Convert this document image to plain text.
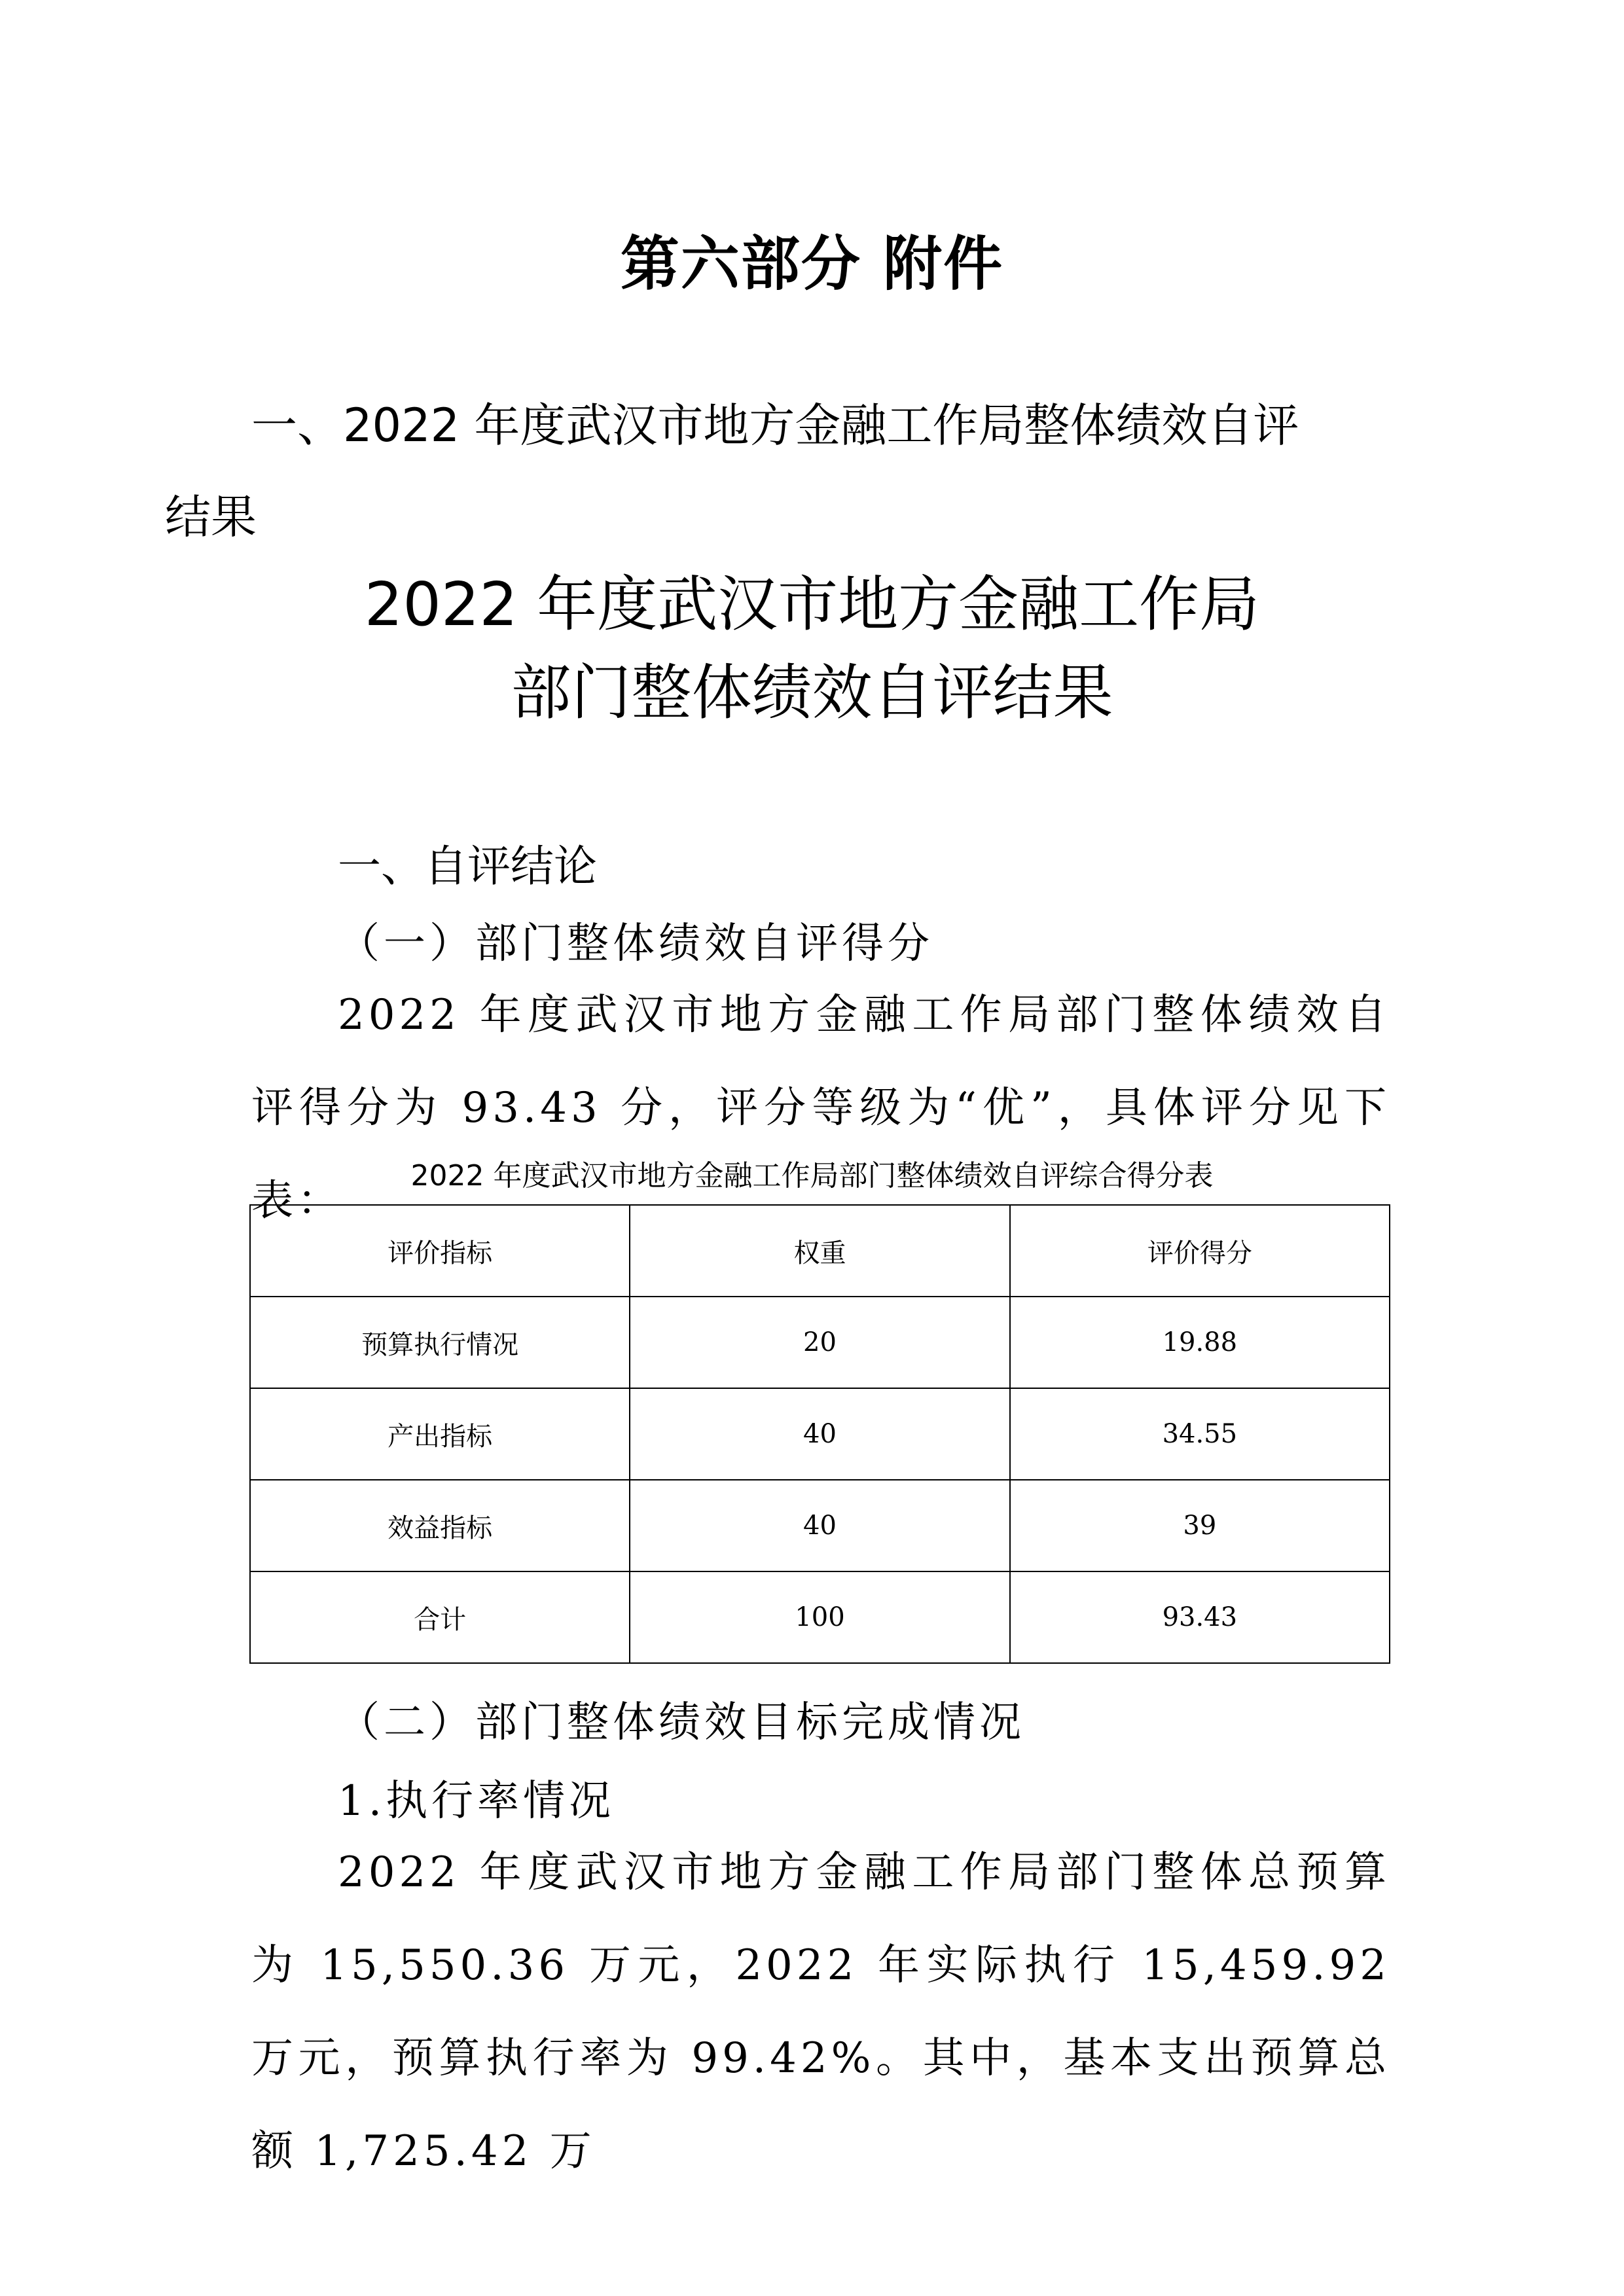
第六部分 附件
一、2022 年度武汉市地方金融工作局整体绩效自评结果
2022 年度武汉市地方金融工作局
部门整体绩效自评结果
一、自评结论
（一）部门整体绩效自评得分
2022 年度武汉市地方金融工作局部门整体绩效自评得分为 93.43 分，评分等级为“优”，具体评分见下表：
2022 年度武汉市地方金融工作局部门整体绩效自评综合得分表
评价指标	权重	评价得分
预算执行情况	20	19.88
产出指标	40	34.55
效益指标	40	39
合计	100	93.43
（二）部门整体绩效目标完成情况
1.执行率情况
2022 年度武汉市地方金融工作局部门整体总预算为 15,550.36 万元，2022 年实际执行 15,459.92 万元，预算执行率为 99.42%。其中，基本支出预算总额 1,725.42 万
